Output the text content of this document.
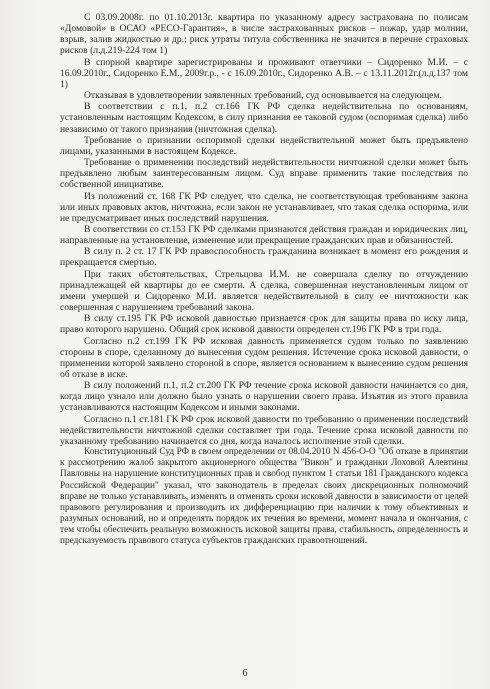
С 03.09.2008г. по 01.10.2013г. квартира по указанному адресу застрахована по полисам «Домовой» в ОСАО «РЕСО-Гарантия», в числе застрахованных рисков – пожар, удар молнии, взрыв, залив жидкостью и др.; риск утраты титула собственника не значится в перечне страховых рисков (л.д.219-224 том 1)

В спорной квартире зарегистрированы и проживают ответчики – Сидоренко М.И. – с 16.09.2010г., Сидоренко Е.М., 2009г.р., - с 16.09.2010г., Сидоренко А.В. – с 13.11.2012г.(л.д.137 том 1)

Отказывая в удовлетворении заявленных требований, суд основывается на следующем.

В соответствии с п.1, п.2 ст.166 ГК РФ сделка недействительна по основаниям, установленным настоящим Кодексом, в силу признания ее таковой судом (оспоримая сделка) либо независимо от такого признания (ничтожная сделка).

Требование о признании оспоримой сделки недействительной может быть предъявлено лицами, указанными в настоящем Кодексе.

Требование о применении последствий недействительности ничтожной сделки может быть предъявлено любым заинтересованным лицом. Суд вправе применить такие последствия по собственной инициативе.

Из положений ст. 168 ГК РФ следует, что сделка, не соответствующая требованиям закона или иных правовых актов, ничтожна, если закон не устанавливает, что такая сделка оспорима, или не предусматривает иных последствий нарушения.

В соответствии со ст.153 ГК РФ сделками признаются действия граждан и юридических лиц, направленные на установление, изменение или прекращение гражданских прав и обязанностей.

В силу п. 2 ст. 17 ГК РФ правоспособность гражданина возникает в момент его рождения и прекращается смертью.

При таких обстоятельствах, Стрельцова И.М. не совершала сделку по отчуждению принадлежащей ей квартиры до ее смерти. А сделка, совершенная неустановленным лицом от имени умершей и Сидоренко М.И. является недействительной в силу ее ничтожности как совершенная с нарушением требований закона.

В силу ст.195 ГК РФ исковой давностью признается срок для защиты права по иску лица, право которого нарушено. Общий срок исковой давности определен ст.196 ГК РФ в три года.

Согласно п.2 ст.199 ГК РФ исковая давность применяется судом только по заявлению стороны в споре, сделанному до вынесения судом решения. Истечение срока исковой давности, о применении которой заявлено стороной в споре, является основанием к вынесению судом решения об отказе в иске.

В силу положений п.1, п.2 ст.200 ГК РФ течение срока исковой давности начинается со дня, когда лицо узнало или должно было узнать о нарушении своего права. Изъятия из этого правила устанавливаются настоящим Кодексом и иными законами.

Согласно п.1 ст.181 ГК РФ срок исковой давности по требованию о применении последствий недействительности ничтожной сделки составляет три года. Течение срока исковой давности по указанному требованию начинается со дня, когда началось исполнение этой сделки.

Конституционный Суд РФ в своем определении от 08.04.2010 N 456-О-О "Об отказе в принятии к рассмотрению жалоб закрытого акционерного общества "Викон" и гражданки Лоховой Алевтины Павловны на нарушение конституционных прав и свобод пунктом 1 статьи 181 Гражданского кодекса Российской Федерации" указал, что законодатель в пределах своих дискреционных полномочий вправе не только устанавливать, изменять и отменять сроки исковой давности в зависимости от целей правового регулирования и производить их дифференциацию при наличии к тому объективных и разумных оснований, но и определять порядок их течения во времени, момент начала и окончания, с тем чтобы обеспечить реальную возможность исковой защиты права, стабильность, определенность и предсказуемость правового статуса субъектов гражданских правоотношений.

6
